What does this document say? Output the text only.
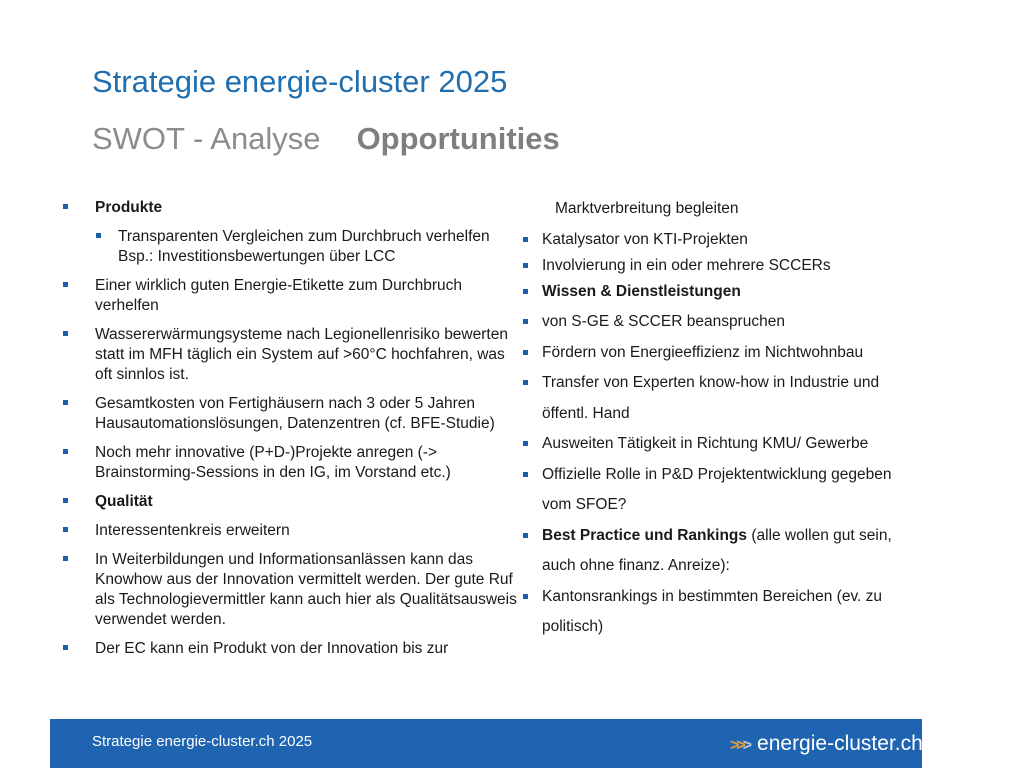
Strategie energie-cluster 2025
SWOT - Analyse Opportunities
Produkte
Transparenten Vergleichen zum Durchbruch verhelfen Bsp.: Investitionsbewertungen über LCC
Einer wirklich guten Energie-Etikette zum Durchbruch verhelfen
Wassererwärmungsysteme nach Legionellenrisiko bewerten statt im MFH täglich ein System auf >60°C hochfahren, was oft sinnlos ist.
Gesamtkosten von Fertighäusern nach 3 oder 5 Jahren Hausautomationslösungen, Datenzentren (cf. BFE-Studie)
Noch mehr innovative (P+D-)Projekte anregen (-> Brainstorming-Sessions in den IG, im Vorstand etc.)
Qualität
Interessentenkreis erweitern
In Weiterbildungen und Informationsanlässen kann das Knowhow aus der Innovation vermittelt werden. Der gute Ruf als Technologievermittler kann auch hier als Qualitätsausweis verwendet werden.
Der EC kann ein Produkt von der Innovation bis zur
Marktverbreitung begleiten
Katalysator von KTI-Projekten
Involvierung in ein oder mehrere SCCERs
Wissen & Dienstleistungen
von S-GE & SCCER beanspruchen
Fördern von Energieeffizienz im Nichtwohnbau
Transfer von Experten know-how in Industrie und
öffentl. Hand
Ausweiten Tätigkeit in Richtung KMU/ Gewerbe
Offizielle Rolle in P&D Projektentwicklung gegeben
vom SFOE?
Best Practice und Rankings (alle wollen gut sein,
auch ohne finanz. Anreize):
Kantonsrankings in bestimmten Bereichen (ev. zu
politisch)
Strategie energie-cluster.ch 2025	>>> energie-cluster.ch
